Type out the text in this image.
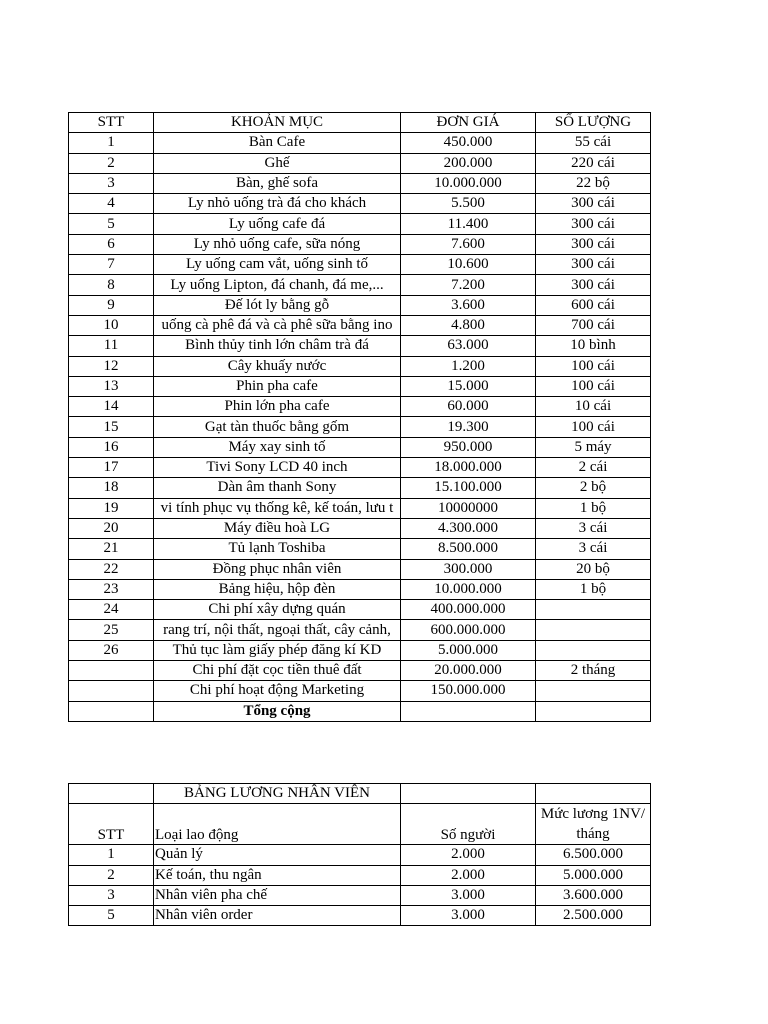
STT	KHOẢN MỤC	ĐƠN GIÁ	SỐ LƯỢNG
1	Bàn Cafe	450.000	55 cái
2	Ghế	200.000	220 cái
3	Bàn, ghế sofa	10.000.000	22 bộ
4	Ly nhỏ uống trà đá cho khách	5.500	300 cái
5	Ly uống cafe đá	11.400	300 cái
6	Ly nhỏ uống cafe, sữa nóng	7.600	300 cái
7	Ly uống cam vắt, uống sinh tố	10.600	300 cái
8	Ly uống Lipton, đá chanh, đá me,...	7.200	300 cái
9	Đế lót ly bằng gỗ	3.600	600 cái
10	uống cà phê đá và cà phê sữa bằng ino	4.800	700 cái
11	Bình thủy tinh lớn châm trà đá	63.000	10 bình
12	Cây khuấy nước	1.200	100 cái
13	Phin pha cafe	15.000	100 cái
14	Phin lớn pha cafe	60.000	10 cái
15	Gạt tàn thuốc bằng gốm	19.300	100 cái
16	Máy xay sinh tố	950.000	5 máy
17	Tivi Sony LCD 40 inch	18.000.000	2 cái
18	Dàn âm thanh Sony	15.100.000	2 bộ
19	vi tính phục vụ thống kê, kế toán, lưu t	10000000	1 bộ
20	Máy điều hoà LG	4.300.000	3 cái
21	Tủ lạnh Toshiba	8.500.000	3 cái
22	Đồng phục nhân viên	300.000	20 bộ
23	Bảng hiệu, hộp đèn	10.000.000	1 bộ
24	Chi phí xây dựng quán	400.000.000	
25	rang trí, nội thất, ngoại thất, cây cảnh,	600.000.000	
26	Thủ tục làm giấy phép đăng kí KD	5.000.000	
	Chi phí đặt cọc tiền thuê đất	20.000.000	2 tháng
	Chi phí hoạt động Marketing	150.000.000	
	Tổng cộng		
	BẢNG LƯƠNG NHÂN VIÊN		
STT	Loại lao động	Số người	Mức lương 1NV/ tháng
1	Quản lý	2.000	6.500.000
2	Kế toán, thu ngân	2.000	5.000.000
3	Nhân viên pha chế	3.000	3.600.000
5	Nhân viên order	3.000	2.500.000
